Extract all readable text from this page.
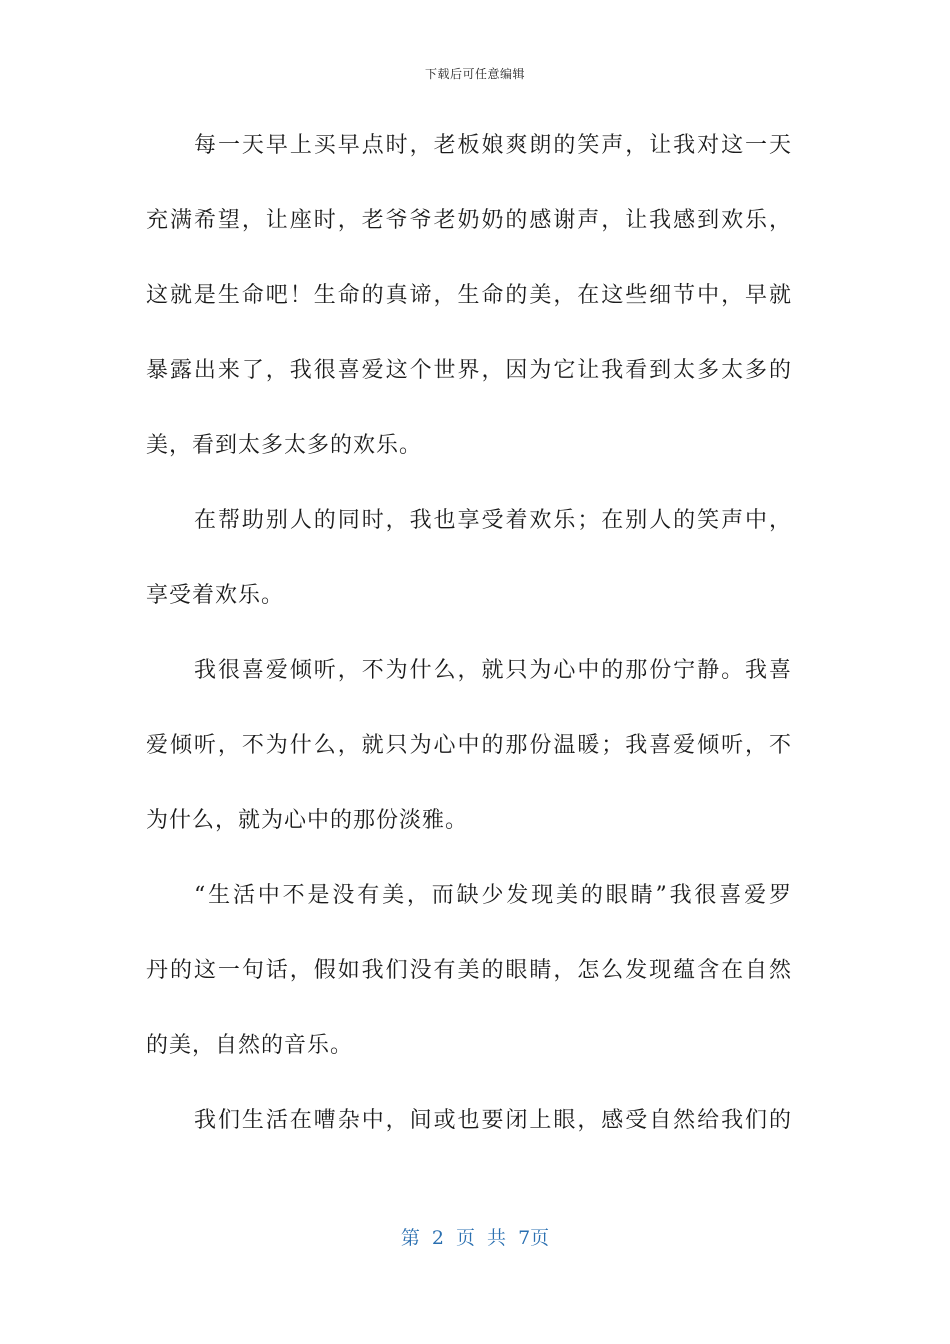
下载后可任意编辑
每一天早上买早点时，老板娘爽朗的笑声，让我对这一天
充满希望，让座时，老爷爷老奶奶的感谢声，让我感到欢乐，
这就是生命吧！生命的真谛，生命的美，在这些细节中，早就
暴露出来了，我很喜爱这个世界，因为它让我看到太多太多的
美，看到太多太多的欢乐。
在帮助别人的同时，我也享受着欢乐；在别人的笑声中，
享受着欢乐。
我很喜爱倾听，不为什么，就只为心中的那份宁静。我喜
爱倾听，不为什么，就只为心中的那份温暖；我喜爱倾听，不
为什么，就为心中的那份淡雅。
“生活中不是没有美，而缺少发现美的眼睛”我很喜爱罗
丹的这一句话，假如我们没有美的眼睛，怎么发现蕴含在自然
的美，自然的音乐。
我们生活在嘈杂中，间或也要闭上眼，感受自然给我们的
第 2 页 共 7页
